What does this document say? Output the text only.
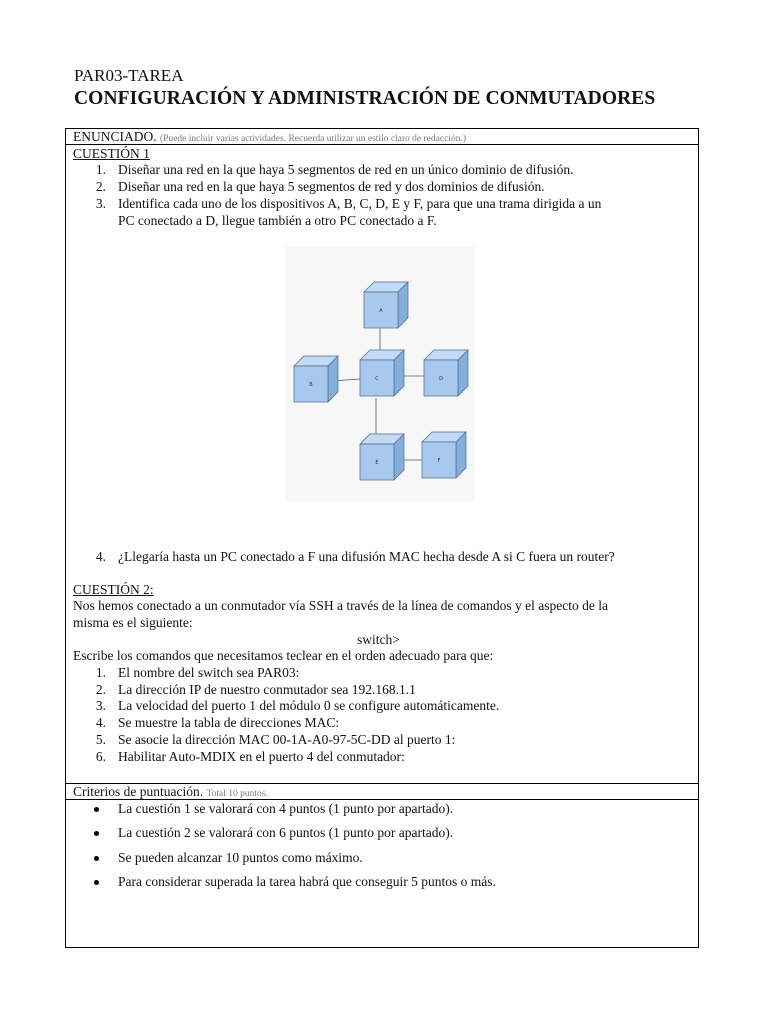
PAR03-TAREA
CONFIGURACIÓN Y ADMINISTRACIÓN DE CONMUTADORES
ENUNCIADO. (Puede incluir varias actividades. Recuerda utilizar un estilo claro de redacción.)
CUESTIÓN 1
1. Diseñar una red en la que haya 5 segmentos de red en un único dominio de difusión.
2. Diseñar una red en la que haya 5 segmentos de red y dos dominios de difusión.
3. Identifica cada uno de los dispositivos A, B, C, D, E y F, para que una trama dirigida a un
PC conectado a D, llegue también a otro PC conectado a F.
A
B
C	D
E	F
4. ¿Llegaría hasta un PC conectado a F una difusión MAC hecha desde A si C fuera un router?
CUESTIÓN 2:
Nos hemos conectado a un conmutador vía SSH a través de la línea de comandos y el aspecto de la
misma es el siguiente:
switch>
Escribe los comandos que necesitamos teclear en el orden adecuado para que:
1. El nombre del switch sea PAR03:
2. La dirección IP de nuestro conmutador sea 192.168.1.1
3. La velocidad del puerto 1 del módulo 0 se configure automáticamente.
4. Se muestre la tabla de direcciones MAC:
5. Se asocie la dirección MAC 00-1A-A0-97-5C-DD al puerto 1:
6. Habilitar Auto-MDIX en el puerto 4 del conmutador:
Criterios de puntuación. Total 10 puntos.
La cuestión 1 se valorará con 4 puntos (1 punto por apartado).
La cuestión 2 se valorará con 6 puntos (1 punto por apartado).
Se pueden alcanzar 10 puntos como máximo.
Para considerar superada la tarea habrá que conseguir 5 puntos o más.
